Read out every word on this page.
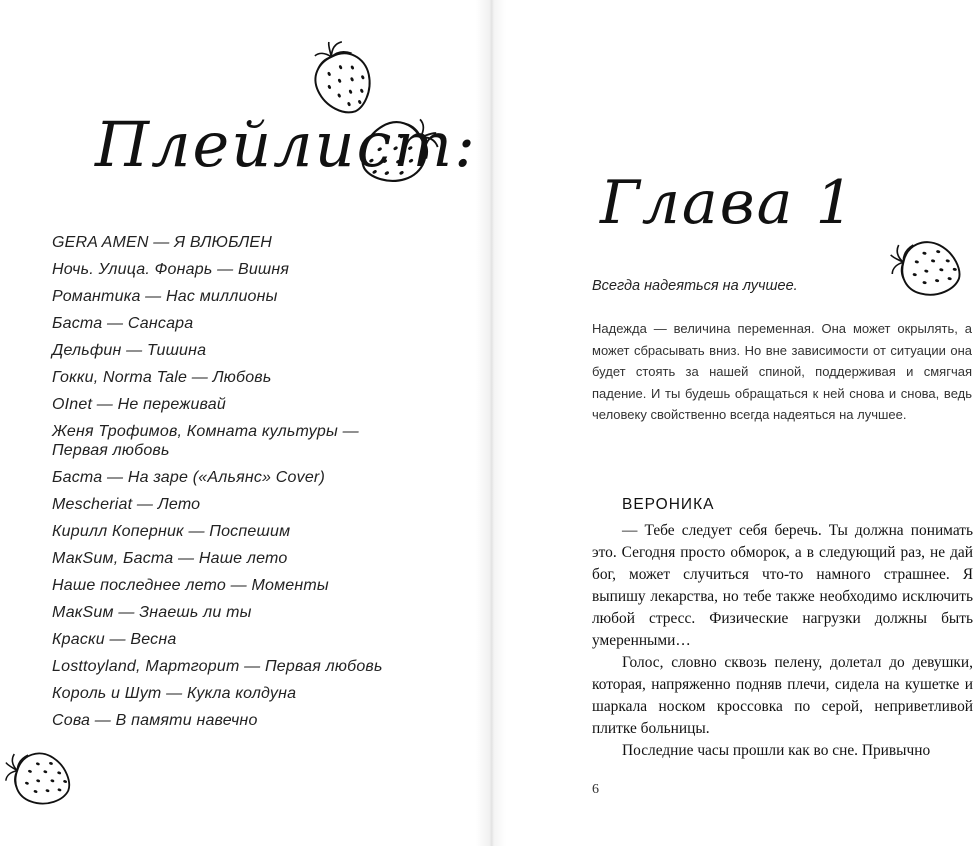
Плейлист:
GERA AMEN — Я ВЛЮБЛЕН
Ночь. Улица. Фонарь — Вишня
Романтика — Нас миллионы
Баста — Сансара
Дельфин — Тишина
Гокки, Norma Tale — Любовь
OInet — Не переживай
Женя Трофимов, Комната культуры — Первая любовь
Баста — На заре («Альянс» Cover)
Mescheriat — Лето
Кирилл Коперник — Поспешим
МакSим, Баста — Наше лето
Наше последнее лето — Моменты
МакSим — Знаешь ли ты
Краски — Весна
Losttoyland, Мартгорит — Первая любовь
Король и Шут — Кукла колдуна
Сова — В памяти навечно
Глава 1
Всегда надеяться на лучшее.

Надежда — величина переменная. Она может окрылять, а может сбрасывать вниз. Но вне зависимости от ситуации она будет стоять за нашей спиной, поддерживая и смягчая падение. И ты будешь обращаться к ней снова и снова, ведь человеку свойственно всегда надеяться на лучшее.

ВЕРОНИКА

— Тебе следует себя беречь. Ты должна понимать это. Сегодня просто обморок, а в следующий раз, не дай бог, может случиться что-то намного страшнее. Я выпишу лекарства, но тебе также необходимо исключить любой стресс. Физические нагрузки должны быть умеренными…

Голос, словно сквозь пелену, долетал до девушки, которая, напряженно подняв плечи, сидела на кушетке и шаркала носком кроссовка по серой, неприветливой плитке больницы.

Последние часы прошли как во сне. Привычно

6
